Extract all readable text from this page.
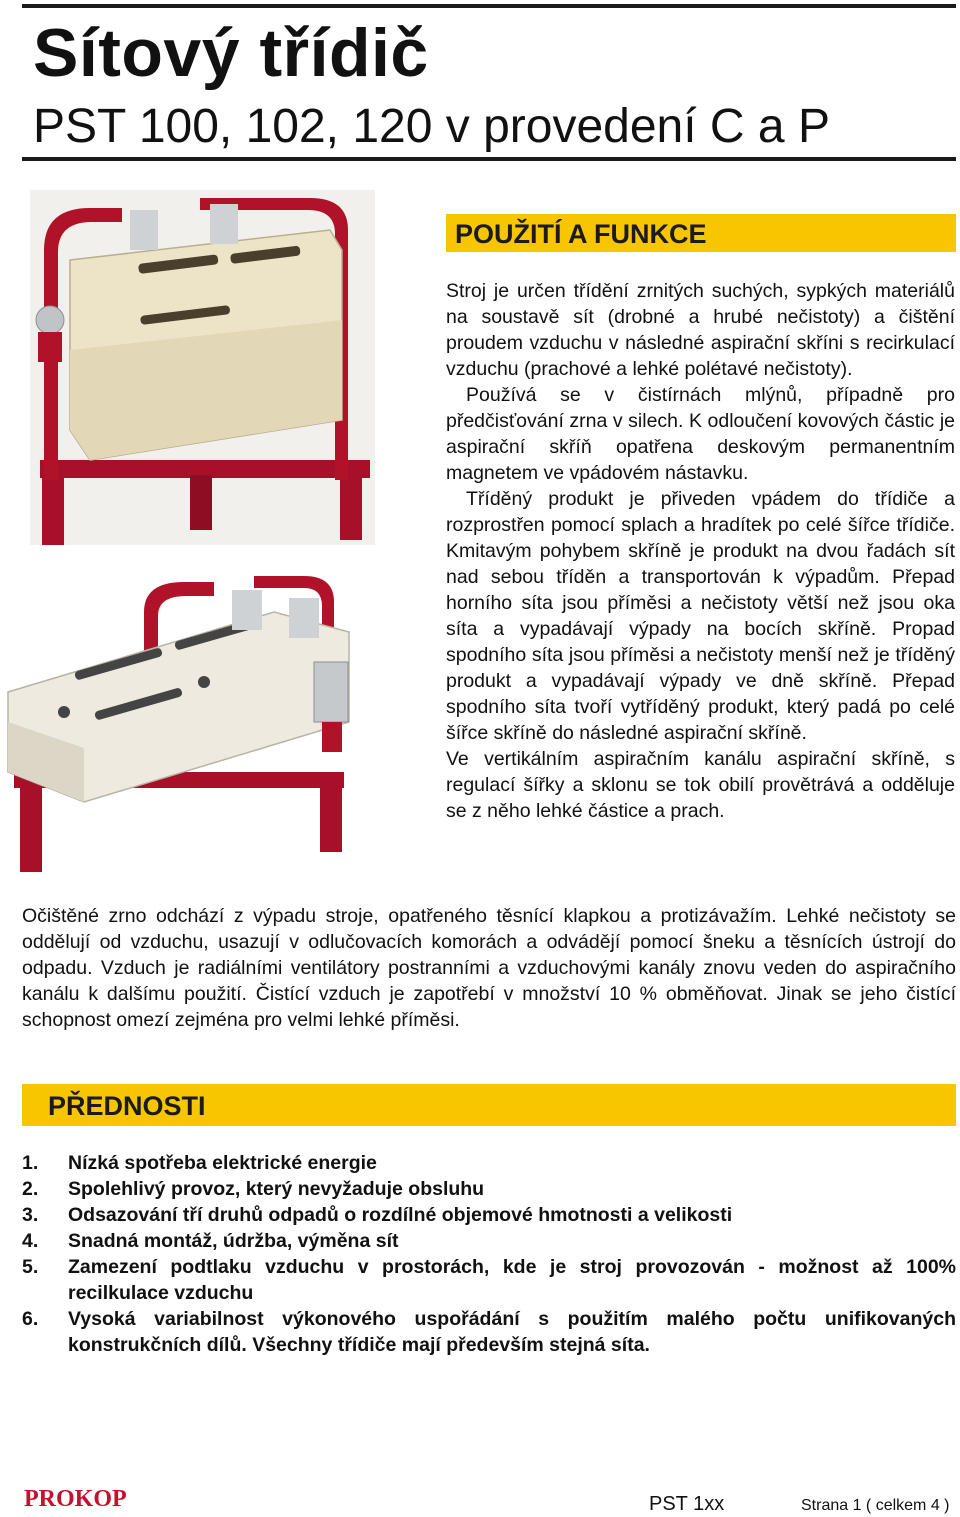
Sítový třídič
PST 100, 102, 120 v provedení C a P
POUŽITÍ A FUNKCE

Stroj je určen třídění zrnitých suchých, sypkých materiálů na soustavě sít (drobné a hrubé nečistoty) a čištění proudem vzduchu v následné aspirační skříni s recirkulací vzduchu (prachové a lehké polétavé nečistoty).

Používá se v čistírnách mlýnů, případně pro předčisťování zrna v silech. K odloučení kovových částic je aspirační skříň opatřena deskovým permanentním magnetem ve vpádovém nástavku.

Tříděný produkt je přiveden vpádem do třídiče a rozprostřen pomocí splach a hradítek po celé šířce třídiče. Kmitavým pohybem skříně je produkt na dvou řadách sít nad sebou tříděn a transportován k výpadům. Přepad horního síta jsou příměsi a nečistoty větší než jsou oka síta a vypadávají výpady na bocích skříně. Propad spodního síta jsou příměsi a nečistoty menší než je tříděný produkt a vypadávají výpady ve dně skříně. Přepad spodního síta tvoří vytříděný produkt, který padá po celé šířce skříně do následné aspirační skříně.

Ve vertikálním aspiračním kanálu aspirační skříně, s regulací šířky a sklonu se tok obilí provětrává a odděluje se z něho lehké částice a prach.

Očištěné zrno odchází z výpadu stroje, opatřeného těsnící klapkou a protizávažím. Lehké nečistoty se oddělují od vzduchu, usazují v odlučovacích komorách a odvádějí pomocí šneku a těsnících ústrojí do odpadu. Vzduch je radiálními ventilátory postranními a vzduchovými kanály znovu veden do aspiračního kanálu k dalšímu použití. Čistící vzduch je zapotřebí v množství 10 % obměňovat. Jinak se jeho čistící schopnost omezí zejména pro velmi lehké příměsi.

PŘEDNOSTI
1. Nízká spotřeba elektrické energie
2. Spolehlivý provoz, který nevyžaduje obsluhu
3. Odsazování tří druhů odpadů o rozdílné objemové hmotnosti a velikosti
4. Snadná montáž, údržba, výměna sít
5. Zamezení podtlaku vzduchu v prostorách, kde je stroj provozován - možnost až 100% recilkulace vzduchu
6. Vysoká variabilnost výkonového uspořádání s použitím malého počtu unifikovaných konstrukčních dílů. Všechny třídiče mají především stejná síta.
PROKOP	PST 1xx	Strana 1 ( celkem 4 )
